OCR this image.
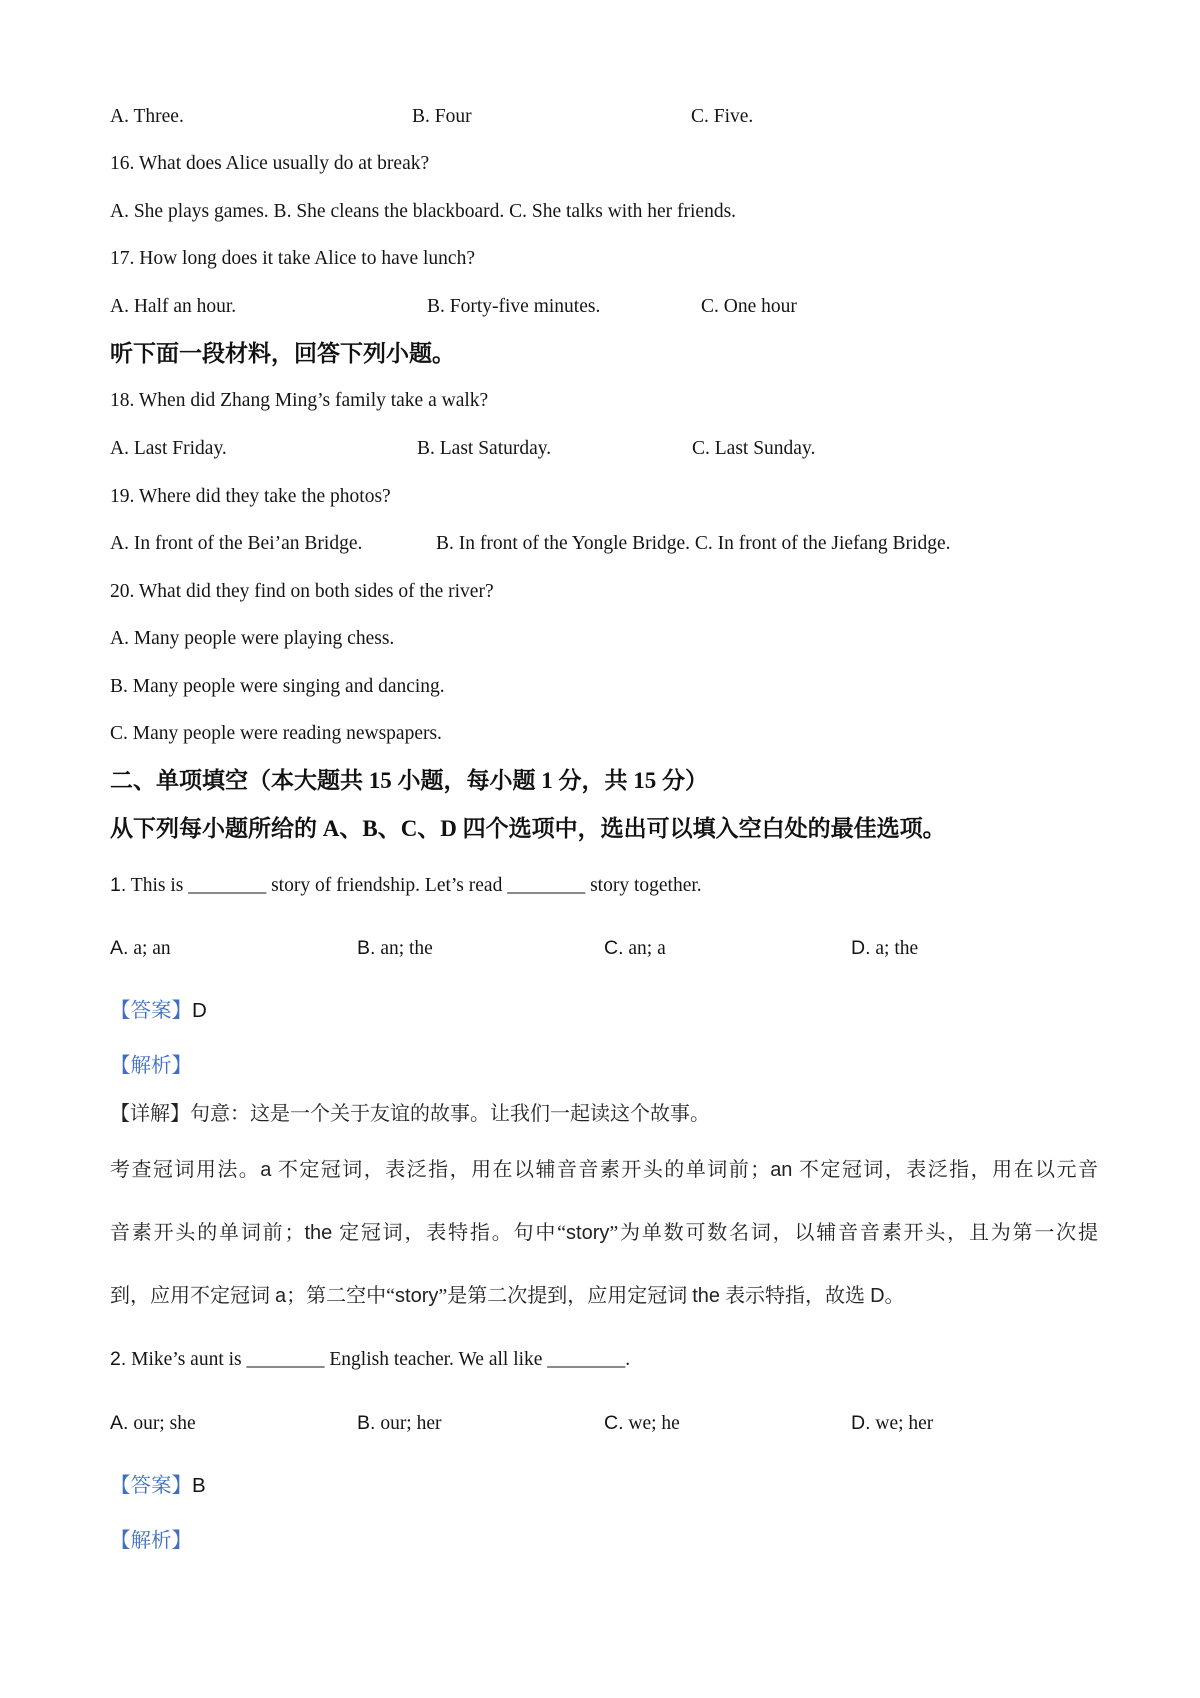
A. Three.	B. Four	C. Five.
16. What does Alice usually do at break?
A. She plays games. B. She cleans the blackboard. C. She talks with her friends.
17. How long does it take Alice to have lunch?
A. Half an hour.	B. Forty-five minutes.	C. One hour
听下面一段材料，回答下列小题。
18. When did Zhang Ming’s family take a walk?
A. Last Friday.	B. Last Saturday.	C. Last Sunday.
19. Where did they take the photos?
A. In front of the Bei’an Bridge.	B. In front of the Yongle Bridge. C. In front of the Jiefang Bridge.
20. What did they find on both sides of the river?
A. Many people were playing chess.
B. Many people were singing and dancing.
C. Many people were reading newspapers.
二、单项填空（本大题共 15 小题，每小题 1 分，共 15 分）
从下列每小题所给的 A、B、C、D 四个选项中，选出可以填入空白处的最佳选项。
1. This is ________ story of friendship. Let’s read ________ story together.
A. a; an	B. an; the	C. an; a	D. a; the
【答案】D
【解析】
【详解】句意：这是一个关于友谊的故事。让我们一起读这个故事。
考查冠词用法。a 不定冠词，表泛指，用在以辅音音素开头的单词前；an 不定冠词，表泛指，用在以元音
音素开头的单词前；the 定冠词，表特指。句中“story”为单数可数名词，以辅音音素开头，且为第一次提
到，应用不定冠词 a；第二空中“story”是第二次提到，应用定冠词 the 表示特指，故选 D。
2. Mike’s aunt is ________ English teacher. We all like ________.
A. our; she	B. our; her	C. we; he	D. we; her
【答案】B
【解析】
